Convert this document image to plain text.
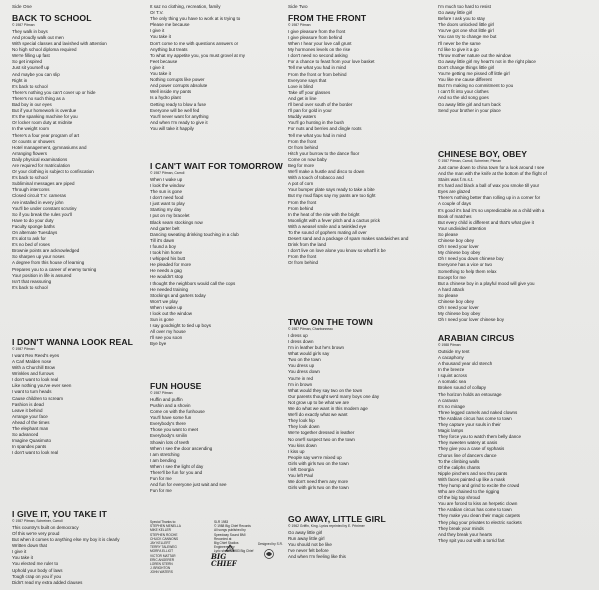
Side One	Side Two
BACK TO SCHOOL
© 1987 Pitman
They walk in boys
And proudly walk out men
With special classes and lavished with attention
No high school diploma required
We're filling up fast
So get inspired
Just sit yourself up
And maybe you can slip
Right in
It's back to school
There's nothing you can't cover up or hide
There's no such thing as a
Bad boy in our eyes
But if your homework is overdue
It's the spanking machine for you
Or locker room duty at midnite
In the weight room
There's a four year program of art
Or counts or showers
Hotel management, gymnasiums and
Arranging flowers
Daily physical examinations
Are required for matriculation
Or your clothing is subject to confiscation
It's back to school
Subliminal messages are piped
Through intercoms
Closed circuit T.V. cameras
Are installed in every john
You'll be under constant scrutiny
So if you break the rules you'll
Have to do your duty
Faculty sponge baths
On alternate Tuesdays
It's alot to ask for
It's no bed of roses
Brownie points are acknowledged
So sharpen up your noses
A degree from this house of learning
Prepares you to a career of enemy turning
Your position in life is assured
Isn't that reassuring
It's back to school
I DON'T WANNA LOOK REAL
© 1987 Pitman
I want Rex Reed's eyes
A Carl Malden nose
With a Churchill Brow
Wrinkles and furrows
I don't want to look real
Like nothing you've ever seen
I want to turn heads
Cause children to scream
Fashion is dead
Leave it behind
Arrange your face
Ahead of the times
The elephant man
So advanced
Imagine Quasimoto
In spandex pants
I don't want to look real
I GIVE IT, YOU TAKE IT
© 1987 Pitman, Schreiner, Carroll
This country's built on democracy
Of this we're very proud
But when it comes to anything else my boy it is clearly
Written down that
I give it
You take it
You elected me ruler to
Uphold your body of laws
Tough crap on you if you
Didn't read my extra added clauses
It saz no clothing, recreation, family
Or T.V.
The only thing you have to work at is trying to
Please me because
I give it
You take it
Don't come to me with questions answers or
Anything but treats
To what my appetite you, you must grovel at my
Feet because
I give it
You take it
Nothing corrupts like power
And power corrupts absolute
Well inside my pants
Is a hydro plant
Getting ready to blow a fuse
Everyone will be well fed
You'll never want for anything
And when I'm ready to give it
You will take it happily
I CAN'T WAIT FOR TOMORROW
© 1987 Pitman, Carroll
When I wake up
I look the window
The sun is gone
I don't need food
I just want to play
Starting my day
I put on my bracelet
Black seam stockings now
And garter belt
Dancing sweating drinking touching in a club
Till it's dawn
I found a boy
I took him home
I whipped his butt
He pleaded for more
He needs a gag
He wouldn't stop
I thought the neighbors would call the cops
He needed training
Stockings and garters today
Won't we play
When I wake up
I look out the window
Sun is gone
I say goodnight to tied up boys
All over my house
I'll see you soon
Bye bye
FUN HOUSE
© 1987 Pitman
Huffin and puffin
Pushin and a shovin
Come on with the funhouse
You'll have some fun
Everybody's there
Those you want to meet
Everybody's smilin
Showin lots of teeth
When I see the door ascending
I am stretching
I am bending
When I see the light of day
There'll be fun for you and
Fun for me
And fun for everyone just wait and see
Fun for me
FROM THE FRONT
© 1987 Pitman
I give pleasure from the front
I give pleasure from behind
When I hear your love call grunt
My hormones levels on the rise
I don't need no second asking
For a chance to feast from your love basket
Tell me what you had in mind
From the front or from behind
Everyone says that
Love is blind
Take off your glasses
And get in line
I'll bend over south of the border
I'll pan for gold in your
Muddy waters
You'll go hunting in the bush
For nuts and berries and dingle roots
Tell me what you had in mind
From the front
Or from behind
Hitch your burrow to the dance floor
Come on now baby
Beg for more
We'll make a hustle and disco to down
With a touch of tobacco and
A pot of corn
Your bumper plate says ready to take a bite
But my mud flaps say my pants are too tight
From the front
From behind
In the heat of the nite with the bright
Moonlight with a fever pitch and a cactus prick
With a weasel smile and a twinkled eye
To the sound of gophers mating all over
Desert sand and a package of spam makes sandwiches and
Drink from the land
I don't live on love alone you know so what'll it be
From the front
Or from behind
TWO ON THE TOWN
© 1987 Pitman, Charbonneau
I dress up
I dress down
I'm in leather but he's brown
What would girls say
Two on the town
You dress up
You dress down
You're in red
I'm in brown
What would they say two on the town
Our parents thought we'd marry boys one day
Not grow up to be what we are
We do what we want in this modern age
We'll do exactly what we want
They look hip
They look down
We're together dressed in leather
No one'll suspect two on the town
You kiss down
I kiss up
People say we're mixed up
Girls with girls two on the town
I left Georgia
You left Paul
We don't need them any more
Girls with girls two on the town
GO AWAY, LITTLE GIRL
© 1962 Griffin, King. Lyrics reprinted by E. Prinimer
Go away little girl
Run away little girl
You should not be like
I've never felt before
And when I'm feeling like this
I'm much too hard to resist
Go away little girl
Before I ask you to stay
The doors unlocked little girl
You've got one shot little girl
You can try to change me but
I'll never be the same
I'd like to give it a go
Throw mother nature out the window
Go away little girl my heart's not in the right place
Don't change things little girl
You're getting me pissed off little girl
You like me cause different
But I'm making no commitment to you
I can't fit into your clothes
And so the old song goes
Go away little girl and turn back
Send your brother in your place
CHINESE BOY, OBEY
© 1987 Pitman, Carroll, Schreiner, Pitman
Just came down to china town for a look around I see
And the man with the knife at the bottom of the flight of
Stairs was f.m.s.t.
It's hard and black a ball of wax you smoke till your
Eyes are glazed
There's nothing better than rolling up in a corner for
A couple of days
It's good it's bad it's so unpredictable as a child with a
Book of matches
But every child is different and that's what give it
Your undivided attention
So please
Chinese boy obey
Oh I need your lover
My chinese boy obey
Oh I need you down chinese boy
Everyone has a vice or two
Something to help them relax
Except for me
But a chinese boy in a playful mood will give you
A hard attack
So please
Chinese boy obey
Oh I need your lover
My chinese boy obey
Oh I need your lover chinese boy
ARABIAN CIRCUS
© 1988 Pitman
Outside my tent
A cacaphony
A thousand year old stench
In the breeze
I squint across
A somatic sea
Broken sound of collapy
The horizon holds an entourage
A caravan
It's no mirage
Three legged camels and naked clowns
The Arabian circus has come to town
They capture your souls in their
Magic lamps
They force you to watch them belly dance
They sweeten watery at oasis
They give you a case of syphasis
Chorus line of dancers dance
To the climbing walls
Of the caliphs chants
Nipple pinchers and sex thru pants
With faces painted up like a mask
They hump and grind to excite the crowd
Who are chained to the rigging
Of the big top shroud
You are forced to kiss an herpetic clown
The Arabian circus has come to town
They make you clean their magic carpets
They plug your privates to electric sockets
They break your minds
And they break your hearts
They spit you out with a torrid fart
Special Thanks to:
STEPHEN MENELLA
MIKE KELLER
STEPHEN ROCHE
CHUCK CANNONS
JAY KELLERT
TERRY TALEWEG
MORFA ELLIOT
VICTOR MATTAR
ERIC ANGERER
LOREN STERN
J. BRIGHTON
JOHN WATERS
SLR 1983
© 1988 Big Chief Records
All songs published by
Speedway Sound BMI
Recorded at
Big Chief Studios
Engineered by
Lyric sheet ©1983 Big Chief
BIG CHIEF
Designed by S.R.
